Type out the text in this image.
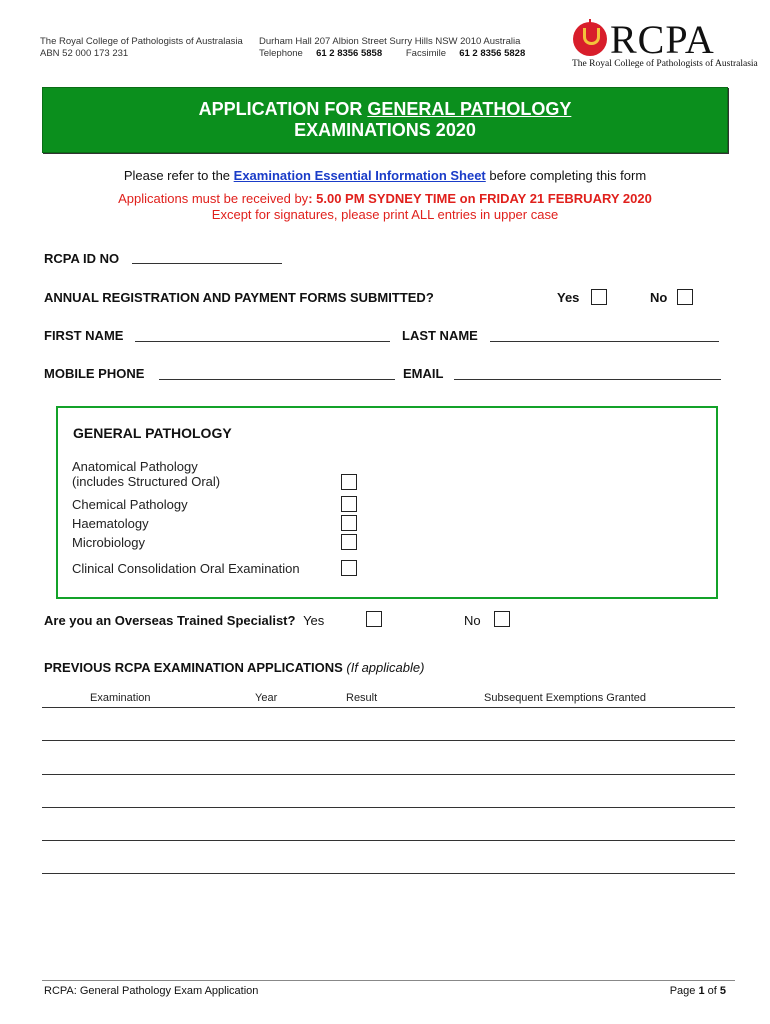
The Royal College of Pathologists of Australasia
ABN 52 000 173 231
Durham Hall 207 Albion Street Surry Hills NSW 2010 Australia
Telephone 61 2 8356 5858	Facsimile 61 2 8356 5828 RCPA
The Royal College of Pathologists of Australasia
APPLICATION FOR GENERAL PATHOLOGY
EXAMINATIONS 2020
Please refer to the Examination Essential Information Sheet before completing this form
Applications must be received by: 5.00 PM SYDNEY TIME on FRIDAY 21 FEBRUARY 2020
Except for signatures, please print ALL entries in upper case
RCPA ID NO
ANNUAL REGISTRATION AND PAYMENT FORMS SUBMITTED?	Yes	No
FIRST NAME	LAST NAME
MOBILE PHONE	EMAIL
GENERAL PATHOLOGY
Anatomical Pathology
(includes Structured Oral)
Chemical Pathology
Haematology
Microbiology
Clinical Consolidation Oral Examination
Are you an Overseas Trained Specialist? Yes	No
PREVIOUS RCPA EXAMINATION APPLICATIONS (If applicable)
Examination	Year	Result	Subsequent Exemptions Granted
RCPA: General Pathology Exam Application	Page 1 of 5
